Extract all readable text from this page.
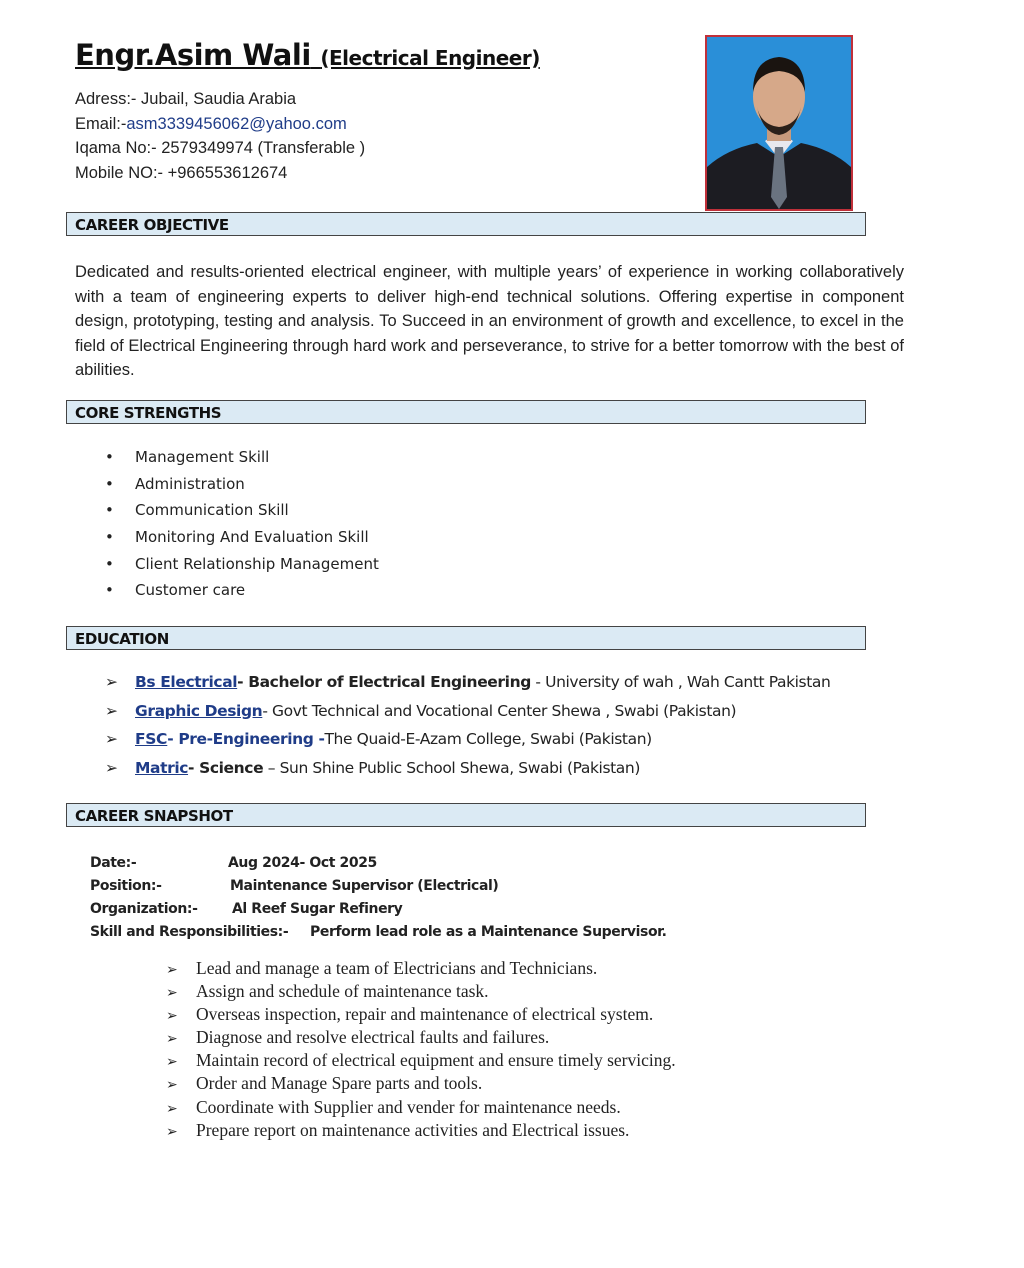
Engr.Asim Wali (Electrical Engineer)
Adress:- Jubail, Saudia Arabia
Email:-asm3339456062@yahoo.com
Iqama No:- 2579349974 (Transferable )
Mobile NO:- +966553612674
CAREER OBJECTIVE
Dedicated and results-oriented electrical engineer, with multiple years’ of experience in working collaboratively with a team of engineering experts to deliver high-end technical solutions. Offering expertise in component design, prototyping, testing and analysis. To Succeed in an environment of growth and excellence, to excel in the field of Electrical Engineering through hard work and perseverance, to strive for a better tomorrow with the best of abilities.
CORE STRENGTHS
• Management Skill
• Administration
• Communication Skill
• Monitoring And Evaluation Skill
• Client Relationship Management
• Customer care
EDUCATION
➢ Bs Electrical- Bachelor of Electrical Engineering - University of wah , Wah Cantt Pakistan
➢ Graphic Design- Govt Technical and Vocational Center Shewa , Swabi (Pakistan)
➢ FSC- Pre-Engineering -The Quaid-E-Azam College, Swabi (Pakistan)
➢ Matric- Science – Sun Shine Public School Shewa, Swabi (Pakistan)
CAREER SNAPSHOT
Date:-	Aug 2024- Oct 2025
Position:-	Maintenance Supervisor (Electrical)
Organization:- Al Reef Sugar Refinery
Skill and Responsibilities:- Perform lead role as a Maintenance Supervisor.
➢ Lead and manage a team of Electricians and Technicians.
➢ Assign and schedule of maintenance task.
➢ Overseas inspection, repair and maintenance of electrical system.
➢ Diagnose and resolve electrical faults and failures.
➢ Maintain record of electrical equipment and ensure timely servicing.
➢ Order and Manage Spare parts and tools.
➢ Coordinate with Supplier and vender for maintenance needs.
➢ Prepare report on maintenance activities and Electrical issues.
